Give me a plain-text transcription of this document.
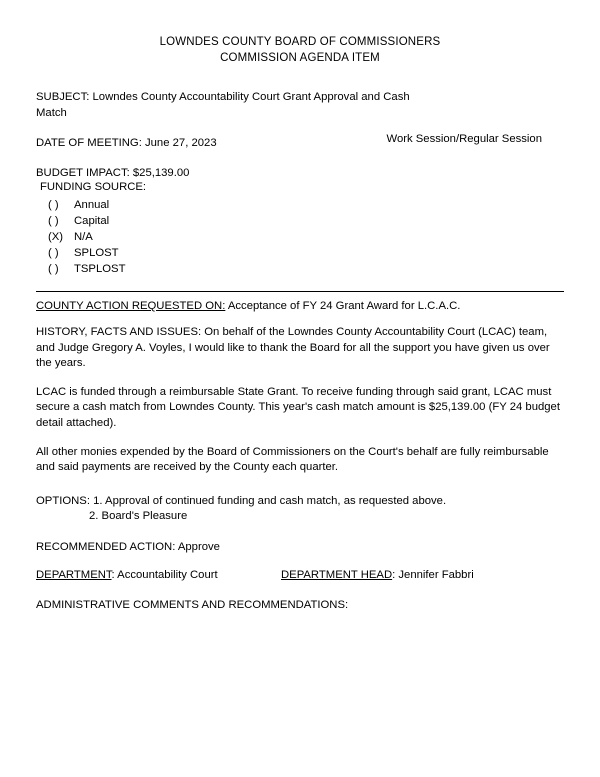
LOWNDES COUNTY BOARD OF COMMISSIONERS
COMMISSION AGENDA ITEM
SUBJECT: Lowndes County Accountability Court Grant Approval and Cash Match
DATE OF MEETING: June 27, 2023	Work Session/Regular Session
BUDGET IMPACT: $25,139.00
FUNDING SOURCE:
( ) Annual
( ) Capital
(X) N/A
( ) SPLOST
( ) TSPLOST
COUNTY ACTION REQUESTED ON: Acceptance of FY 24 Grant Award for L.C.A.C.
HISTORY, FACTS AND ISSUES: On behalf of the Lowndes County Accountability Court (LCAC) team, and Judge Gregory A. Voyles, I would like to thank the Board for all the support you have given us over the years.
LCAC is funded through a reimbursable State Grant. To receive funding through said grant, LCAC must secure a cash match from Lowndes County. This year's cash match amount is $25,139.00 (FY 24 budget detail attached).
All other monies expended by the Board of Commissioners on the Court's behalf are fully reimbursable and said payments are received by the County each quarter.
OPTIONS: 1. Approval of continued funding and cash match, as requested above.
2. Board's Pleasure
RECOMMENDED ACTION: Approve
DEPARTMENT: Accountability Court	DEPARTMENT HEAD: Jennifer Fabbri
ADMINISTRATIVE COMMENTS AND RECOMMENDATIONS:
